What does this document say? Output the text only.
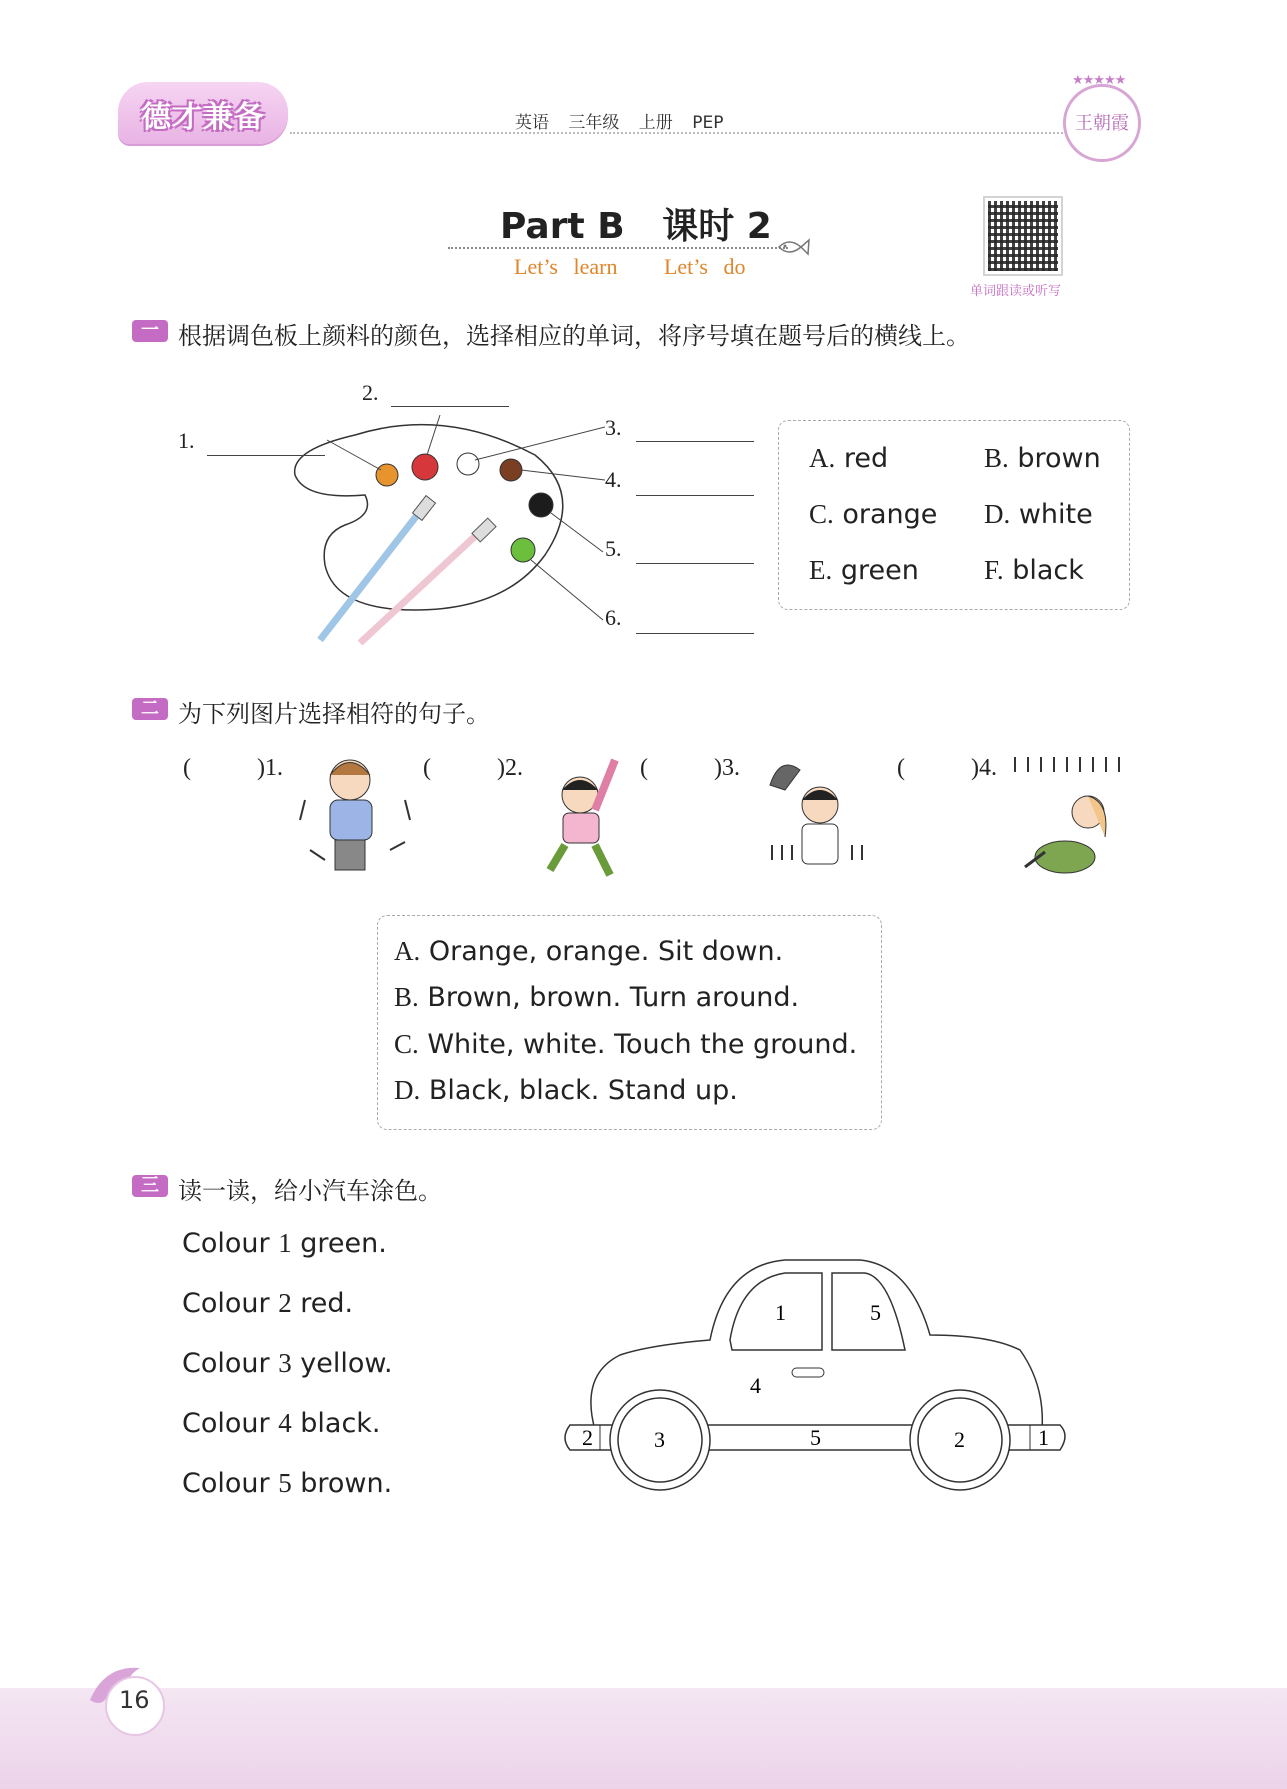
德才兼备	英语 三年级 上册 PEP
★★★★★
王朝霞
Part B   课时 2
Let’s learn   Let’s do
单词跟读或听写
一 根据调色板上颜料的颜色，选择相应的单词，将序号填在题号后的横线上。
1.
2.
3.
4.
5.
6.
A. red	B. brown
C. orange D. white
E. green F. black
二 为下列图片选择相符的句子。
(	)1.	(	)2.	(	)3.	(	)4.
A. Orange, orange. Sit down.
B. Brown, brown. Turn around.
C. White, white. Touch the ground.
D. Black, black. Stand up.
三 读一读，给小汽车涂色。
Colour 1 green.
Colour 2 red.
Colour 3 yellow.
Colour 4 black.
Colour 5 brown.
1	5
4
2	3	5	2	1
16
